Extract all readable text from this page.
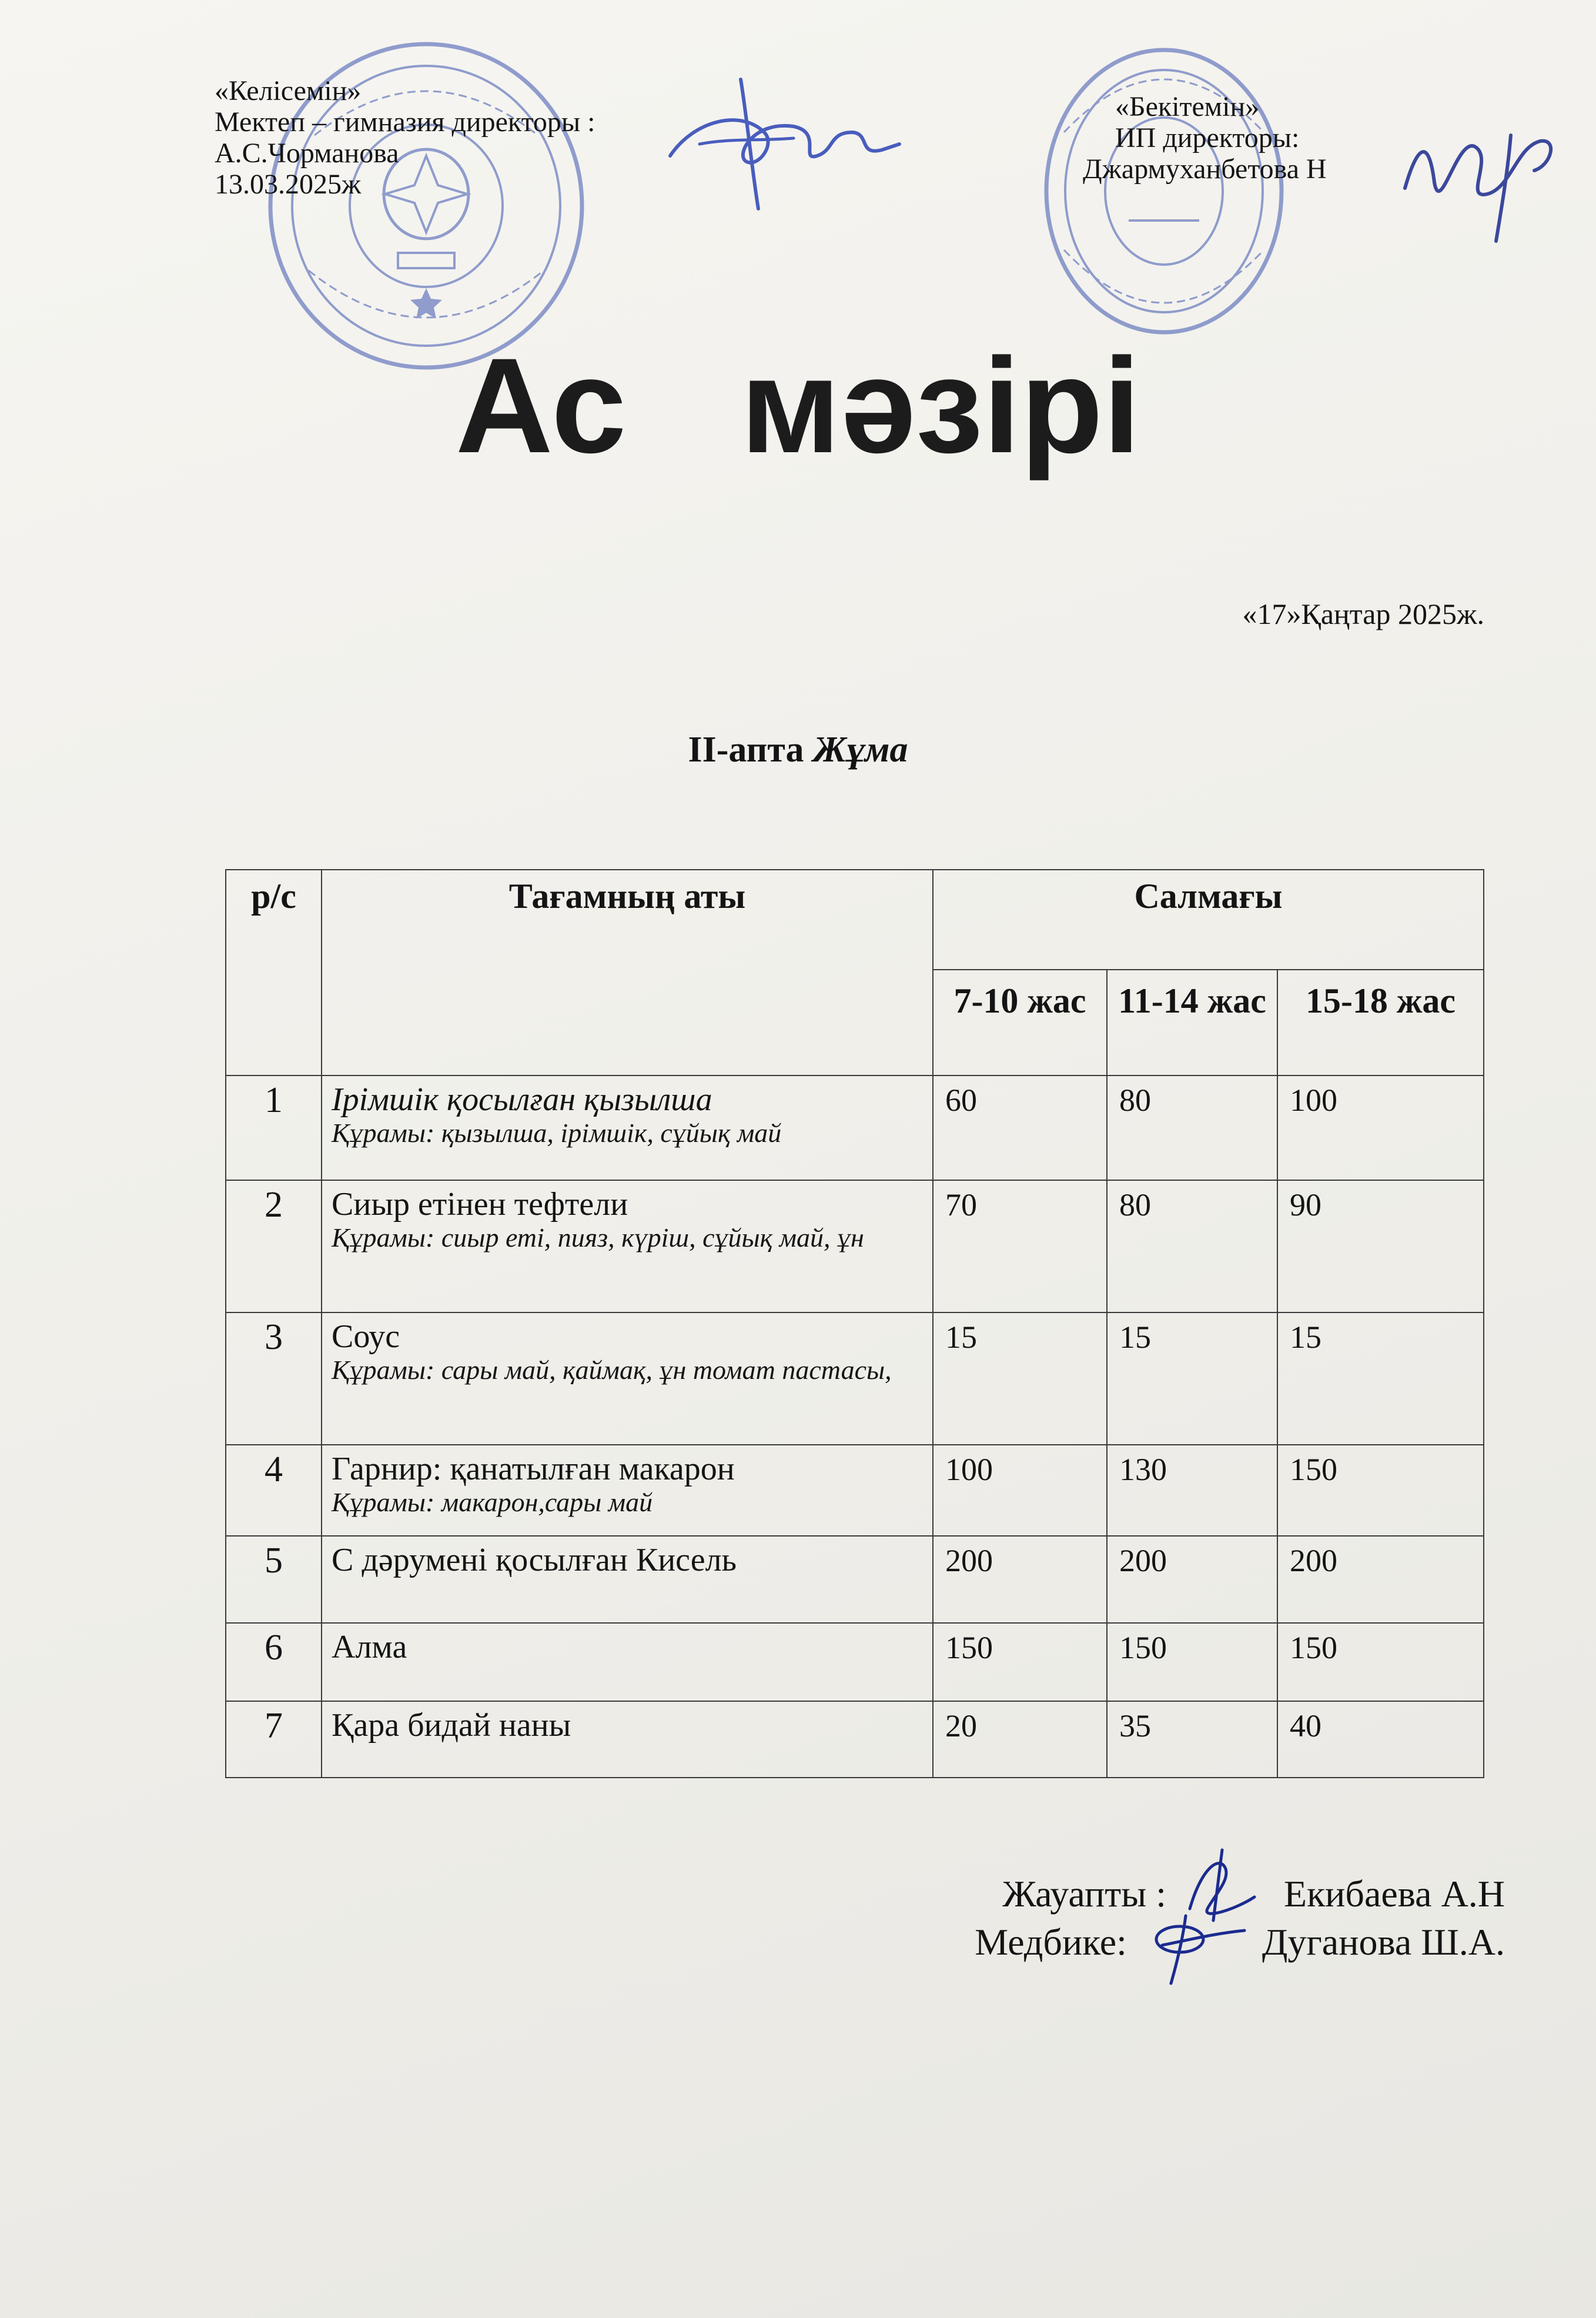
«Келісемін»
Мектеп – гимназия директоры :
А.С.Чорманова
13.03.2025ж
«Бекітемін»
ИП директоры:
Джармуханбетова Н
Ас мәзірі
«17»Қаңтар 2025ж.
ІІ-апта Жұма
р/с	Тағамның аты	Салмағы		
		7-10 жас	11-14 жас	15-18 жас
1	Ірімшік қосылған қызылша
Құрамы: қызылша, ірімшік, сұйық май	60	80	100
2	Сиыр етінен тефтели
Құрамы: сиыр еті, пияз, күріш, сұйық май, ұн	70	80	90
3	Соус
Құрамы: сары май, қаймақ, ұн томат пастасы,	15	15	15
4	Гарнир: қанатылған макарон
Құрамы: макарон,сары май	100	130	150
5	С дәрумені қосылған Кисель	200	200	200
6	Алма	150	150	150
7	Қара бидай наны	20	35	40
Жауапты :	Екибаева А.Н
Медбике:	Дуганова Ш.А.
